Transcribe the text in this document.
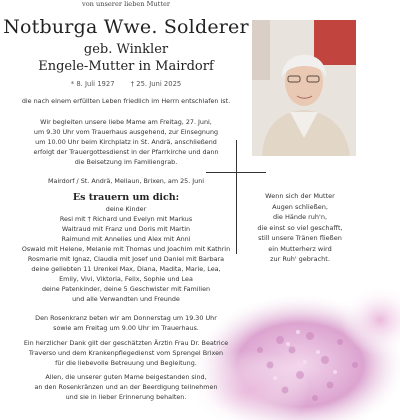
von unserer lieben Mutter
Notburga Wwe. Solderer
geb. Winkler
Engele-Mutter in Mairdorf
* 8. Juli 1927 † 25. Juni 2025
die nach einem erfüllten Leben friedlich im Herrn entschlafen ist.
Wir begleiten unsere liebe Mame am Freitag, 27. Juni,
um 9.30 Uhr vom Trauerhaus ausgehend, zur Einsegnung
um 10.00 Uhr beim Kirchplatz in St. Andrä, anschließend
erfolgt der Trauergottesdienst in der Pfarrkirche und dann
die Beisetzung im Familiengrab.
Mairdorf / St. Andrä, Mellaun, Brixen, am 25. Juni
Es trauern um dich:
deine Kinder
Resi mit † Richard und Evelyn mit Markus
Waltraud mit Franz und Doris mit Martin
Raimund mit Annelies und Alex mit Anni
Oswald mit Helene, Melanie mit Thomas und Joachim mit Kathrin
Rosmarie mit Ignaz, Claudia mit Josef und Daniel mit Barbara
deine geliebten 11 Urenkel Max, Diana, Madita, Marie, Lea,
Emily, Vivi, Viktoria, Felix, Sophie und Lea
deine Patenkinder, deine 5 Geschwister mit Familien
und alle Verwandten und Freunde
Den Rosenkranz beten wir am Donnerstag um 19.30 Uhr
sowie am Freitag um 9.00 Uhr im Trauerhaus.
Ein herzlicher Dank gilt der geschätzten Ärztin Frau Dr. Beatrice
Traverso und dem Krankenpflegedienst vom Sprengel Brixen
für die liebevolle Betreuung und Begleitung.
Allen, die unserer guten Mame beigestanden sind,
an den Rosenkränzen und an der Beerdigung teilnehmen
und sie in lieber Erinnerung behalten.
Wenn sich der Mutter
Augen schließen,
die Hände ruh'n,
die einst so viel geschafft,
still unsere Tränen fließen
ein Mutterherz wird
zur Ruh' gebracht.
